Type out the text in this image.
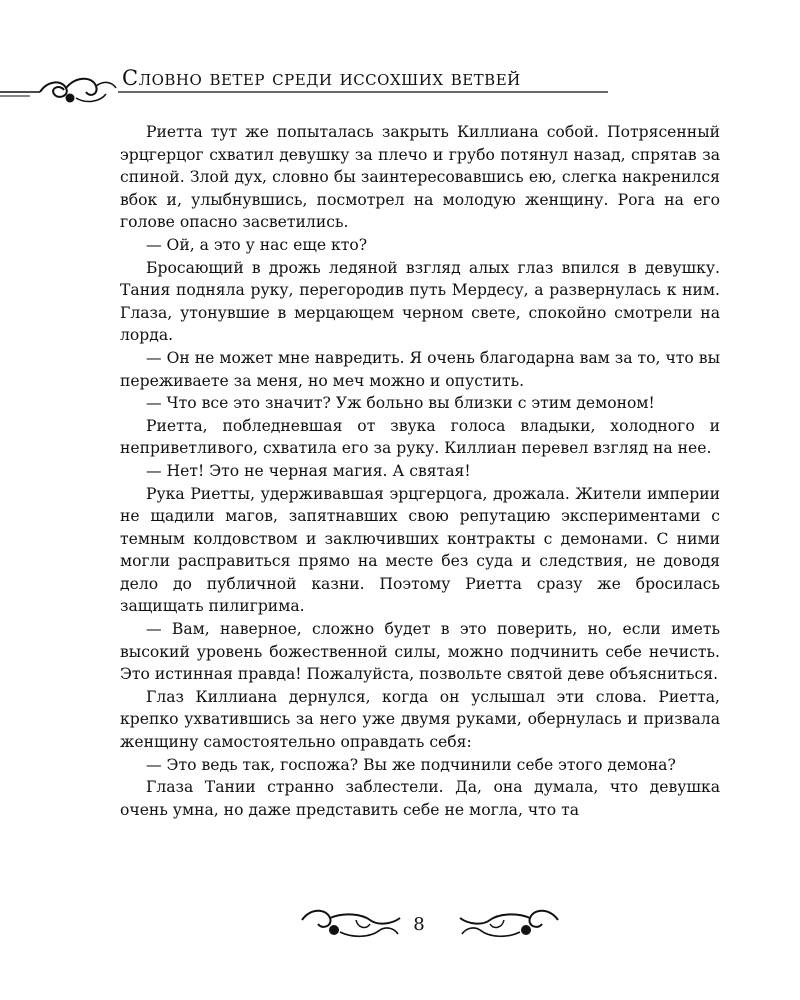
Словно ветер среди иссохших ветвей

Риетта тут же попыталась закрыть Киллиана собой. Потрясенный эрцгерцог схватил девушку за плечо и грубо потянул назад, спрятав за спиной. Злой дух, словно бы заинтересовавшись ею, слегка накренился вбок и, улыбнувшись, посмотрел на молодую женщину. Рога на его голове опасно засветились.

— Ой, а это у нас еще кто?

Бросающий в дрожь ледяной взгляд алых глаз впился в девушку. Тания подняла руку, перегородив путь Мердесу, а развернулась к ним. Глаза, утонувшие в мерцающем черном свете, спокойно смотрели на лорда.

— Он не может мне навредить. Я очень благодарна вам за то, что вы переживаете за меня, но меч можно и опустить.

— Что все это значит? Уж больно вы близки с этим демоном!

Риетта, побледневшая от звука голоса владыки, холодного и неприветливого, схватила его за руку. Киллиан перевел взгляд на нее.

— Нет! Это не черная магия. А святая!

Рука Риетты, удерживавшая эрцгерцога, дрожала. Жители империи не щадили магов, запятнавших свою репутацию экспериментами с темным колдовством и заключивших контракты с демонами. С ними могли расправиться прямо на месте без суда и следствия, не доводя дело до публичной казни. Поэтому Риетта сразу же бросилась защищать пилигрима.

— Вам, наверное, сложно будет в это поверить, но, если иметь высокий уровень божественной силы, можно подчинить себе нечисть. Это истинная правда! Пожалуйста, позвольте святой деве объясниться.

Глаз Киллиана дернулся, когда он услышал эти слова. Риетта, крепко ухватившись за него уже двумя руками, обернулась и призвала женщину самостоятельно оправдать себя:

— Это ведь так, госпожа? Вы же подчинили себе этого демона?

Глаза Тании странно заблестели. Да, она думала, что девушка очень умна, но даже представить себе не могла, что та

8
